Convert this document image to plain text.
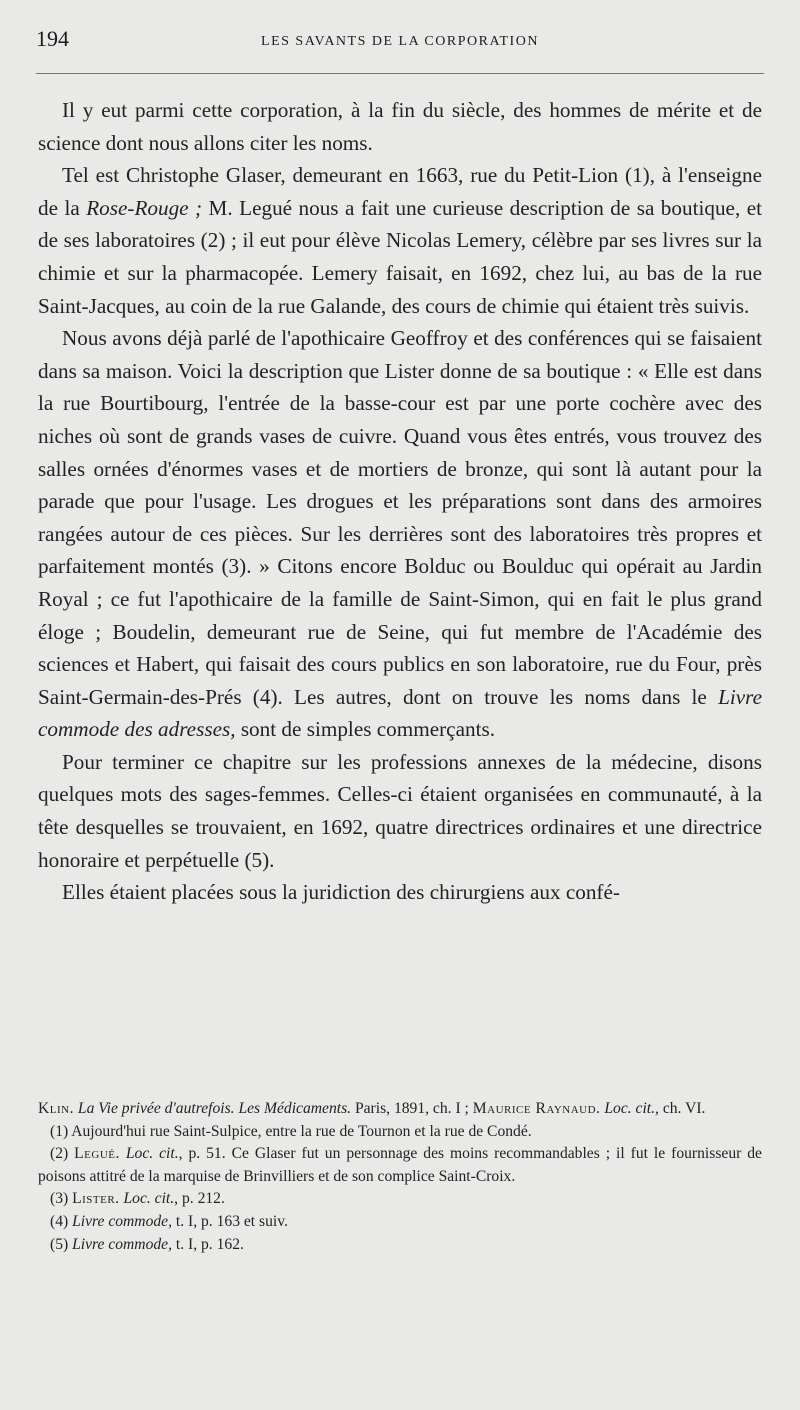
194	LES SAVANTS DE LA CORPORATION

Il y eut parmi cette corporation, à la fin du siècle, des hommes de mérite et de science dont nous allons citer les noms.

Tel est Christophe Glaser, demeurant en 1663, rue du Petit-Lion (1), à l'enseigne de la Rose-Rouge ; M. Legué nous a fait une curieuse description de sa boutique, et de ses laboratoires (2) ; il eut pour élève Nicolas Lemery, célèbre par ses livres sur la chimie et sur la pharmacopée. Lemery faisait, en 1692, chez lui, au bas de la rue Saint-Jacques, au coin de la rue Galande, des cours de chimie qui étaient très suivis.

Nous avons déjà parlé de l'apothicaire Geoffroy et des conférences qui se faisaient dans sa maison. Voici la description que Lister donne de sa boutique : « Elle est dans la rue Bourtibourg, l'entrée de la basse-cour est par une porte cochère avec des niches où sont de grands vases de cuivre. Quand vous êtes entrés, vous trouvez des salles ornées d'énormes vases et de mortiers de bronze, qui sont là autant pour la parade que pour l'usage. Les drogues et les préparations sont dans des armoires rangées autour de ces pièces. Sur les derrières sont des laboratoires très propres et parfaitement montés (3). » Citons encore Bolduc ou Boulduc qui opérait au Jardin Royal ; ce fut l'apothicaire de la famille de Saint-Simon, qui en fait le plus grand éloge ; Boudelin, demeurant rue de Seine, qui fut membre de l'Académie des sciences et Habert, qui faisait des cours publics en son laboratoire, rue du Four, près Saint-Germain-des-Prés (4). Les autres, dont on trouve les noms dans le Livre commode des adresses, sont de simples commerçants.

Pour terminer ce chapitre sur les professions annexes de la médecine, disons quelques mots des sages-femmes. Celles-ci étaient organisées en communauté, à la tête desquelles se trouvaient, en 1692, quatre directrices ordinaires et une directrice honoraire et perpétuelle (5).

Elles étaient placées sous la juridiction des chirurgiens aux confé-

Klin. La Vie privée d'autrefois. Les Médicaments. Paris, 1891, ch. I ; Maurice Raynaud. Loc. cit., ch. VI.

(1) Aujourd'hui rue Saint-Sulpice, entre la rue de Tournon et la rue de Condé.

(2) Legué. Loc. cit., p. 51. Ce Glaser fut un personnage des moins recommandables ; il fut le fournisseur de poisons attitré de la marquise de Brinvilliers et de son complice Saint-Croix.

(3) Lister. Loc. cit., p. 212.

(4) Livre commode, t. I, p. 163 et suiv.

(5) Livre commode, t. I, p. 162.
